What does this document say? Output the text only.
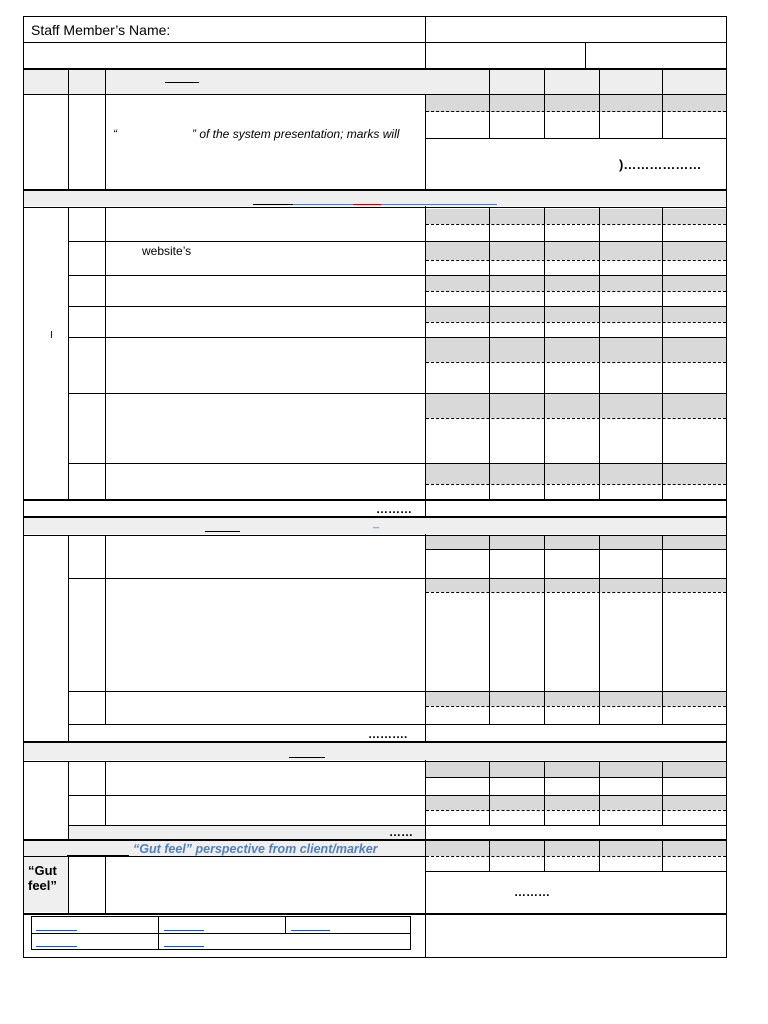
Staff Member’s Name:
“	” of the system presentation; marks will
)………………
website’s
I
………
_
……….
……
“Gut feel” perspective from client/marker
“Gut feel”	………
